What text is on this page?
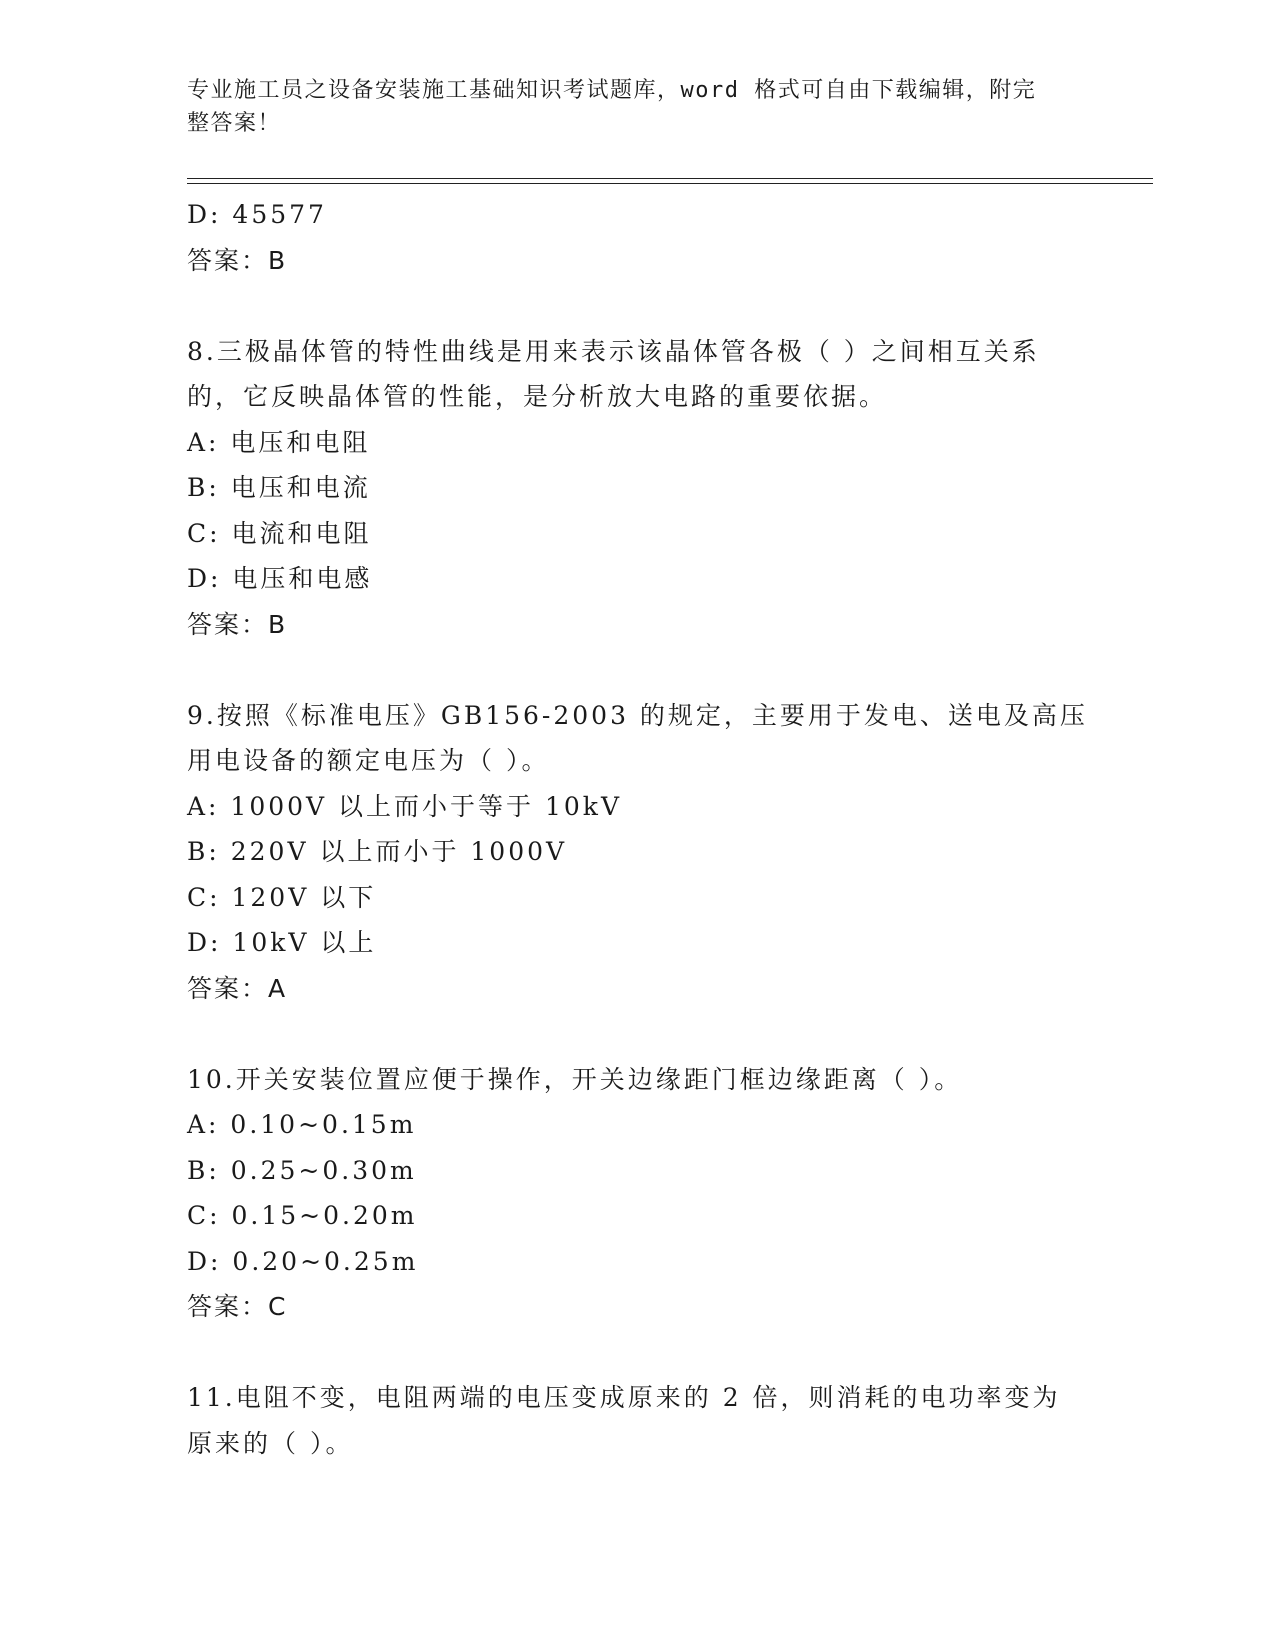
专业施工员之设备安装施工基础知识考试题库，word 格式可自由下载编辑，附完
整答案！
D: 45577
答案：B
8.三极晶体管的特性曲线是用来表示该晶体管各极（ ）之间相互关系
的，它反映晶体管的性能，是分析放大电路的重要依据。
A: 电压和电阻
B: 电压和电流
C: 电流和电阻
D: 电压和电感
答案：B
9.按照《标准电压》GB156-2003 的规定，主要用于发电、送电及高压
用电设备的额定电压为（ ）。
A: 1000V 以上而小于等于 10kV
B: 220V 以上而小于 1000V
C: 120V 以下
D: 10kV 以上
答案：A
10.开关安装位置应便于操作，开关边缘距门框边缘距离（ ）。
A: 0.10~0.15m
B: 0.25~0.30m
C: 0.15~0.20m
D: 0.20~0.25m
答案：C
11.电阻不变，电阻两端的电压变成原来的 2 倍，则消耗的电功率变为
原来的（ ）。
